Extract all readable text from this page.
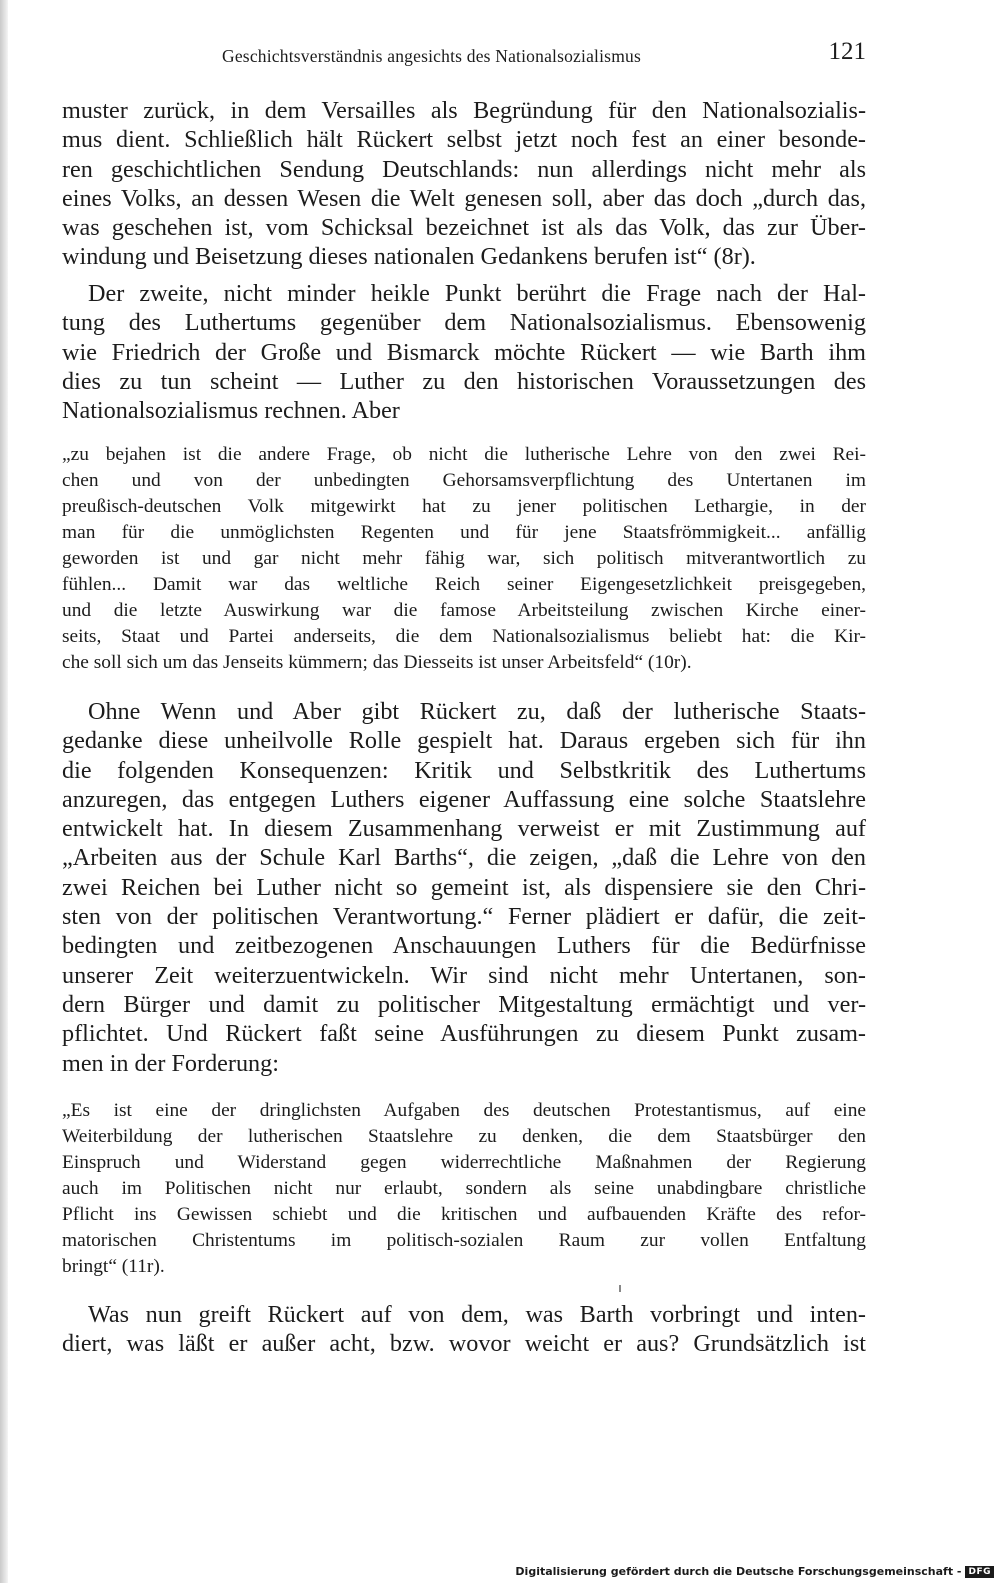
Geschichtsverständnis angesichts des Nationalsozialismus	121
muster zurück, in dem Versailles als Begründung für den Nationalsozialis-
mus dient. Schließlich hält Rückert selbst jetzt noch fest an einer besonde-
ren geschichtlichen Sendung Deutschlands: nun allerdings nicht mehr als
eines Volks, an dessen Wesen die Welt genesen soll, aber das doch „durch das,
was geschehen ist, vom Schicksal bezeichnet ist als das Volk, das zur Über-
windung und Beisetzung dieses nationalen Gedankens berufen ist“ (8r).
Der zweite, nicht minder heikle Punkt berührt die Frage nach der Hal-
tung des Luthertums gegenüber dem Nationalsozialismus. Ebensowenig
wie Friedrich der Große und Bismarck möchte Rückert — wie Barth ihm
dies zu tun scheint — Luther zu den historischen Voraussetzungen des
Nationalsozialismus rechnen. Aber
„zu bejahen ist die andere Frage, ob nicht die lutherische Lehre von den zwei Rei-
chen und von der unbedingten Gehorsamsverpflichtung des Untertanen im
preußisch-deutschen Volk mitgewirkt hat zu jener politischen Lethargie, in der
man für die unmöglichsten Regenten und für jene Staatsfrömmigkeit... anfällig
geworden ist und gar nicht mehr fähig war, sich politisch mitverantwortlich zu
fühlen... Damit war das weltliche Reich seiner Eigengesetzlichkeit preisgegeben,
und die letzte Auswirkung war die famose Arbeitsteilung zwischen Kirche einer-
seits, Staat und Partei anderseits, die dem Nationalsozialismus beliebt hat: die Kir-
che soll sich um das Jenseits kümmern; das Diesseits ist unser Arbeitsfeld“ (10r).
Ohne Wenn und Aber gibt Rückert zu, daß der lutherische Staats-
gedanke diese unheilvolle Rolle gespielt hat. Daraus ergeben sich für ihn
die folgenden Konsequenzen: Kritik und Selbstkritik des Luthertums
anzuregen, das entgegen Luthers eigener Auffassung eine solche Staatslehre
entwickelt hat. In diesem Zusammenhang verweist er mit Zustimmung auf
„Arbeiten aus der Schule Karl Barths“, die zeigen, „daß die Lehre von den
zwei Reichen bei Luther nicht so gemeint ist, als dispensiere sie den Chri-
sten von der politischen Verantwortung.“ Ferner plädiert er dafür, die zeit-
bedingten und zeitbezogenen Anschauungen Luthers für die Bedürfnisse
unserer Zeit weiterzuentwickeln. Wir sind nicht mehr Untertanen, son-
dern Bürger und damit zu politischer Mitgestaltung ermächtigt und ver-
pflichtet. Und Rückert faßt seine Ausführungen zu diesem Punkt zusam-
men in der Forderung:
„Es ist eine der dringlichsten Aufgaben des deutschen Protestantismus, auf eine
Weiterbildung der lutherischen Staatslehre zu denken, die dem Staatsbürger den
Einspruch und Widerstand gegen widerrechtliche Maßnahmen der Regierung
auch im Politischen nicht nur erlaubt, sondern als seine unabdingbare christliche
Pflicht ins Gewissen schiebt und die kritischen und aufbauenden Kräfte des refor-
matorischen Christentums im politisch-sozialen Raum zur vollen Entfaltung
bringt“ (11r).
Was nun greift Rückert auf von dem, was Barth vorbringt und inten-
diert, was läßt er außer acht, bzw. wovor weicht er aus? Grundsätzlich ist
Digitalisierung gefördert durch die Deutsche Forschungsgemeinschaft - DFG
